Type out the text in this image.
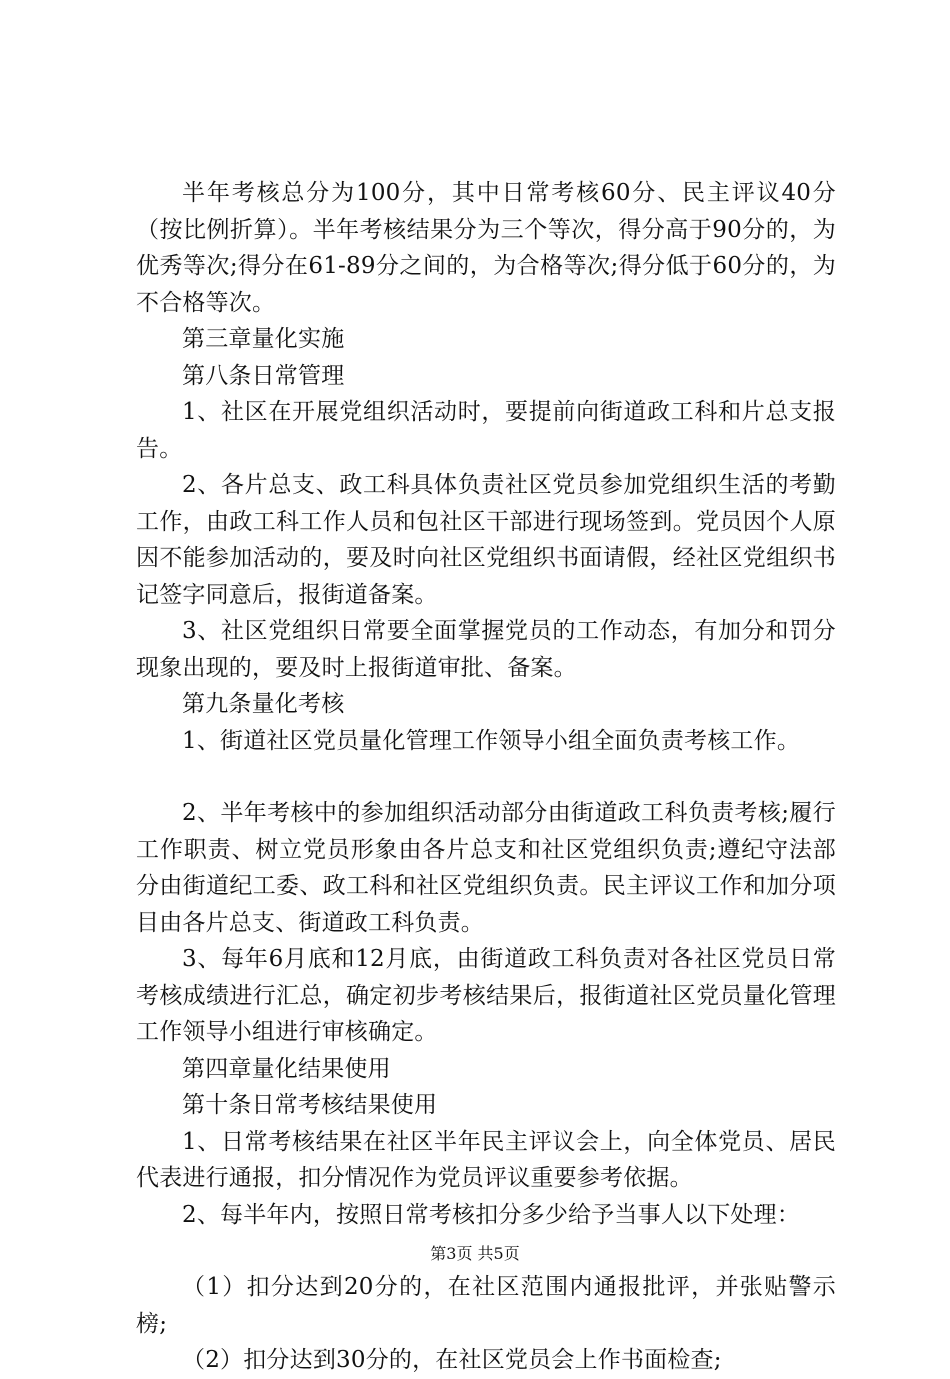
半年考核总分为100分，其中日常考核60分、民主评议40分（按比例折算）。半年考核结果分为三个等次，得分高于90分的，为优秀等次;得分在61-89分之间的，为合格等次;得分低于60分的，为不合格等次。

第三章量化实施

第八条日常管理

1、社区在开展党组织活动时，要提前向街道政工科和片总支报告。

2、各片总支、政工科具体负责社区党员参加党组织生活的考勤工作，由政工科工作人员和包社区干部进行现场签到。党员因个人原因不能参加活动的，要及时向社区党组织书面请假，经社区党组织书记签字同意后，报街道备案。

3、社区党组织日常要全面掌握党员的工作动态，有加分和罚分现象出现的，要及时上报街道审批、备案。

第九条量化考核

1、街道社区党员量化管理工作领导小组全面负责考核工作。

2、半年考核中的参加组织活动部分由街道政工科负责考核;履行工作职责、树立党员形象由各片总支和社区党组织负责;遵纪守法部分由街道纪工委、政工科和社区党组织负责。民主评议工作和加分项目由各片总支、街道政工科负责。

3、每年6月底和12月底，由街道政工科负责对各社区党员日常考核成绩进行汇总，确定初步考核结果后，报街道社区党员量化管理工作领导小组进行审核确定。

第四章量化结果使用

第十条日常考核结果使用

1、日常考核结果在社区半年民主评议会上，向全体党员、居民代表进行通报，扣分情况作为党员评议重要参考依据。

2、每半年内，按照日常考核扣分多少给予当事人以下处理：

（1）扣分达到20分的，在社区范围内通报批评，并张贴警示榜;

（2）扣分达到30分的，在社区党员会上作书面检查;

第3页 共5页
